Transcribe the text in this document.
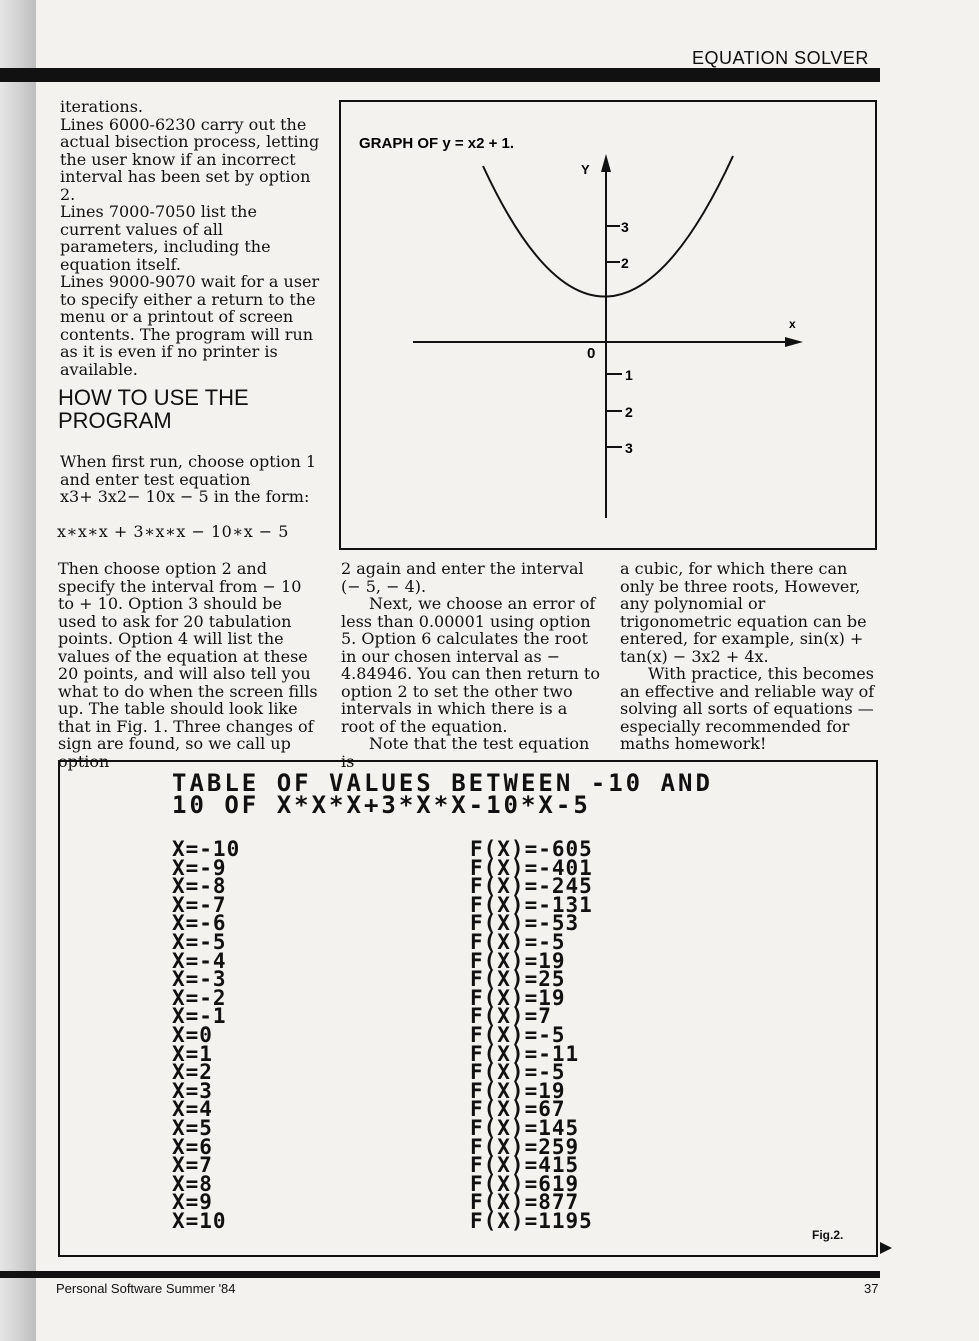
EQUATION SOLVER

iterations.

Lines 6000-6230 carry out the actual bisection process, letting the user know if an incorrect interval has been set by option 2.

Lines 7000-7050 list the current values of all parameters, including the equation itself.

Lines 9000-9070 wait for a user to specify either a return to the menu or a printout of screen contents. The program will run as it is even if no printer is available.

HOW TO USE THE
PROGRAM

When first run, choose option 1

and enter test equation

x3+ 3x2− 10x − 5 in the form:

x∗x∗x + 3∗x∗x − 10∗x − 5
GRAPH OF y = x2 + 1.
Y
x
0
3
2
1
2
3

Then choose option 2 and specify the interval from − 10 to + 10. Option 3 should be used to ask for 20 tabulation points. Option 4 will list the values of the equation at these 20 points, and will also tell you what to do when the screen fills up. The table should look like that in Fig. 1. Three changes of sign are found, so we call up option

2 again and enter the interval (− 5, − 4).

Next, we choose an error of less than 0.00001 using option 5. Option 6 calculates the root in our chosen interval as − 4.84946. You can then return to option 2 to set the other two intervals in which there is a root of the equation.

Note that the test equation is

a cubic, for which there can only be three roots, However, any polynomial or trigonometric equation can be entered, for example, sin(x) + tan(x) − 3x2 + 4x.

With practice, this becomes an effective and reliable way of solving all sorts of equations — especially recommended for maths homework!

TABLE OF VALUES BETWEEN -10 AND
10 OF X*X*X+3*X*X-10*X-5
X=-10
X=-9
X=-8
X=-7
X=-6
X=-5
X=-4
X=-3
X=-2
X=-1
X=0
X=1
X=2
X=3
X=4
X=5
X=6
X=7
X=8
X=9
X=10
F(X)=-605
F(X)=-401
F(X)=-245
F(X)=-131
F(X)=-53
F(X)=-5
F(X)=19
F(X)=25
F(X)=19
F(X)=7
F(X)=-5
F(X)=-11
F(X)=-5
F(X)=19
F(X)=67
F(X)=145
F(X)=259
F(X)=415
F(X)=619
F(X)=877
F(X)=1195
Fig.2.
Personal Software Summer '84	37
